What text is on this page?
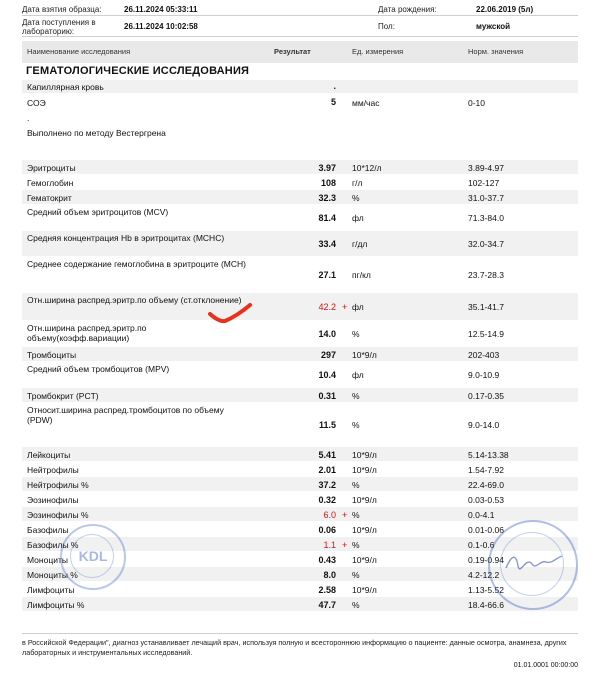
Дата взятия образца:	26.11.2024 05:33:11
Дата поступления в лабораторию:
26.11.2024 10:02:58
Дата рождения:	22.06.2019 (5л)
Пол:	мужской
Наименование исследования	Результат	Ед. измерения	Норм. значения
ГЕМАТОЛОГИЧЕСКИЕ ИССЛЕДОВАНИЯ
Капиллярная кровь	.
СОЭ	5 мм/час	0-10
.
Выполнено по методу Вестергрена
Эритроциты	3.97 10*12/л	3.89-4.97
Гемоглобин	108 г/л	102-127
Гематокрит	32.3 %	31.0-37.7
Средний объем эритроцитов (MCV)
81.4 фл	71.3-84.0
Средняя концентрация Hb в эритроцитах (MCHC)
33.4 г/дл	32.0-34.7
Среднее содержание гемоглобина в эритроците (MCH)
27.1 пг/кл	23.7-28.3
Отн.ширина распред.эритр.по объему (ст.отклонение)
42.2 + фл	35.1-41.7
Отн.ширина распред.эритр.по объему(коэфф.вариации)	14.0 %	12.5-14.9
Тромбоциты	297 10*9/л	202-403
Средний объем тромбоцитов (MPV)
10.4 фл	9.0-10.9
Тромбокрит (PCT)	0.31 %	0.17-0.35
Относит.ширина распред.тромбоцитов по объему (PDW)	11.5 %	9.0-14.0
Лейкоциты	5.41 10*9/л	5.14-13.38
Нейтрофилы	2.01 10*9/л	1.54-7.92
Нейтрофилы %	37.2 %	22.4-69.0
Эозинофилы	0.32 10*9/л	0.03-0.53
Эозинофилы %	6.0 + %	0.0-4.1
Базофилы	0.06 10*9/л	0.01-0.06
Базофилы %	1.1 + %	0.1-0.6
Моноциты	0.43 10*9/л	0.19-0.94
Моноциты %	8.0 %	4.2-12.2
Лимфоциты	2.58 10*9/л	1.13-5.52
Лимфоциты %	47.7 %	18.4-66.6
KDL
в Российской Федерации", диагноз устанавливает лечащий врач, используя полную и всестороннюю информацию о пациенте: данные осмотра, анамнеза, других лабораторных и инструментальных исследований.
01.01.0001 00:00:00
